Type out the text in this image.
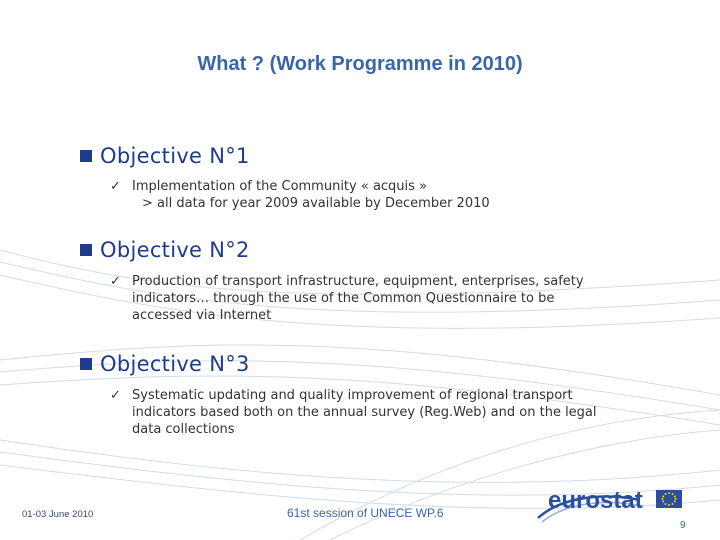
What ? (Work Programme in 2010)
Objective N°1
✓ Implementation of the Community « acquis »
> all data for year 2009 available by December 2010
Objective N°2
✓ Production of transport infrastructure, equipment, enterprises, safety
indicators… through the use of the Common Questionnaire to be
accessed via Internet
Objective N°3
✓ Systematic updating and quality improvement of regional transport
indicators based both on the annual survey (Reg.Web) and on the legal
data collections
01-03 June 2010	61st session of UNECE WP.6	eurostat
9
